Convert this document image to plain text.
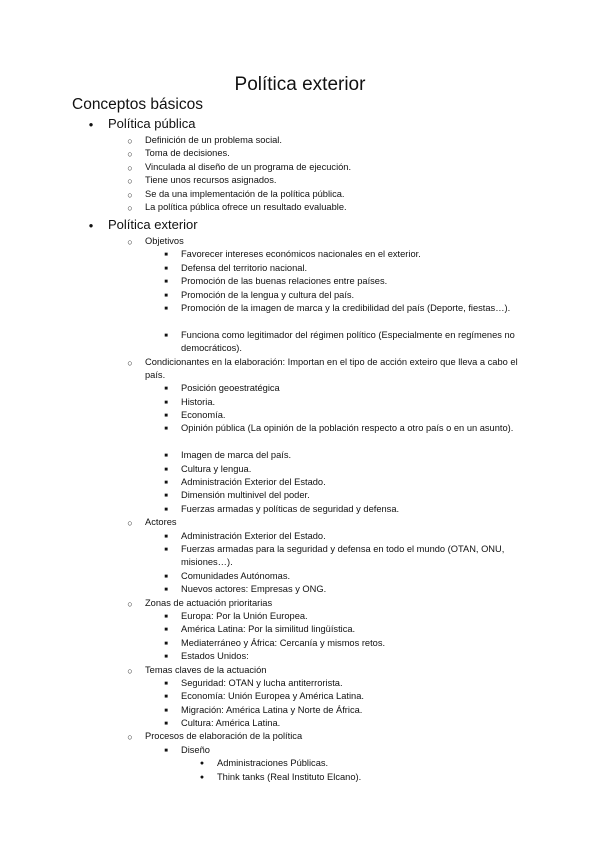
Política exterior
Conceptos básicos
● Política pública
○ Definición de un problema social.
○ Toma de decisiones.
○ Vinculada al diseño de un programa de ejecución.
○ Tiene unos recursos asignados.
○ Se da una implementación de la política pública.
○ La política pública ofrece un resultado evaluable.
● Política exterior
○ Objetivos
■ Favorecer intereses económicos nacionales en el exterior.
■ Defensa del territorio nacional.
■ Promoción de las buenas relaciones entre países.
■ Promoción de la lengua y cultura del país.
■ Promoción de la imagen de marca y la credibilidad del país (Deporte, fiestas…).
■ Funciona como legitimador del régimen político (Especialmente en regímenes no democráticos).
○ Condicionantes en la elaboración: Importan en el tipo de acción exteiro que lleva a cabo el país.
■ Posición geoestratégica
■ Historia.
■ Economía.
■ Opinión pública (La opinión de la población respecto a otro país o en un asunto).
■ Imagen de marca del país.
■ Cultura y lengua.
■ Administración Exterior del Estado.
■ Dimensión multinivel del poder.
■ Fuerzas armadas y políticas de seguridad y defensa.
○ Actores
■ Administración Exterior del Estado.
■ Fuerzas armadas para la seguridad y defensa en todo el mundo (OTAN, ONU, misiones…).
■ Comunidades Autónomas.
■ Nuevos actores: Empresas y ONG.
○ Zonas de actuación prioritarias
■ Europa: Por la Unión Europea.
■ América Latina: Por la similitud lingüística.
■ Mediaterráneo y África: Cercanía y mismos retos.
■ Estados Unidos:
○ Temas claves de la actuación
■ Seguridad: OTAN y lucha antiterrorista.
■ Economía: Unión Europea y América Latina.
■ Migración: América Latina y Norte de África.
■ Cultura: América Latina.
○ Procesos de elaboración de la política
■ Diseño
● Administraciones Públicas.
● Think tanks (Real Instituto Elcano).
